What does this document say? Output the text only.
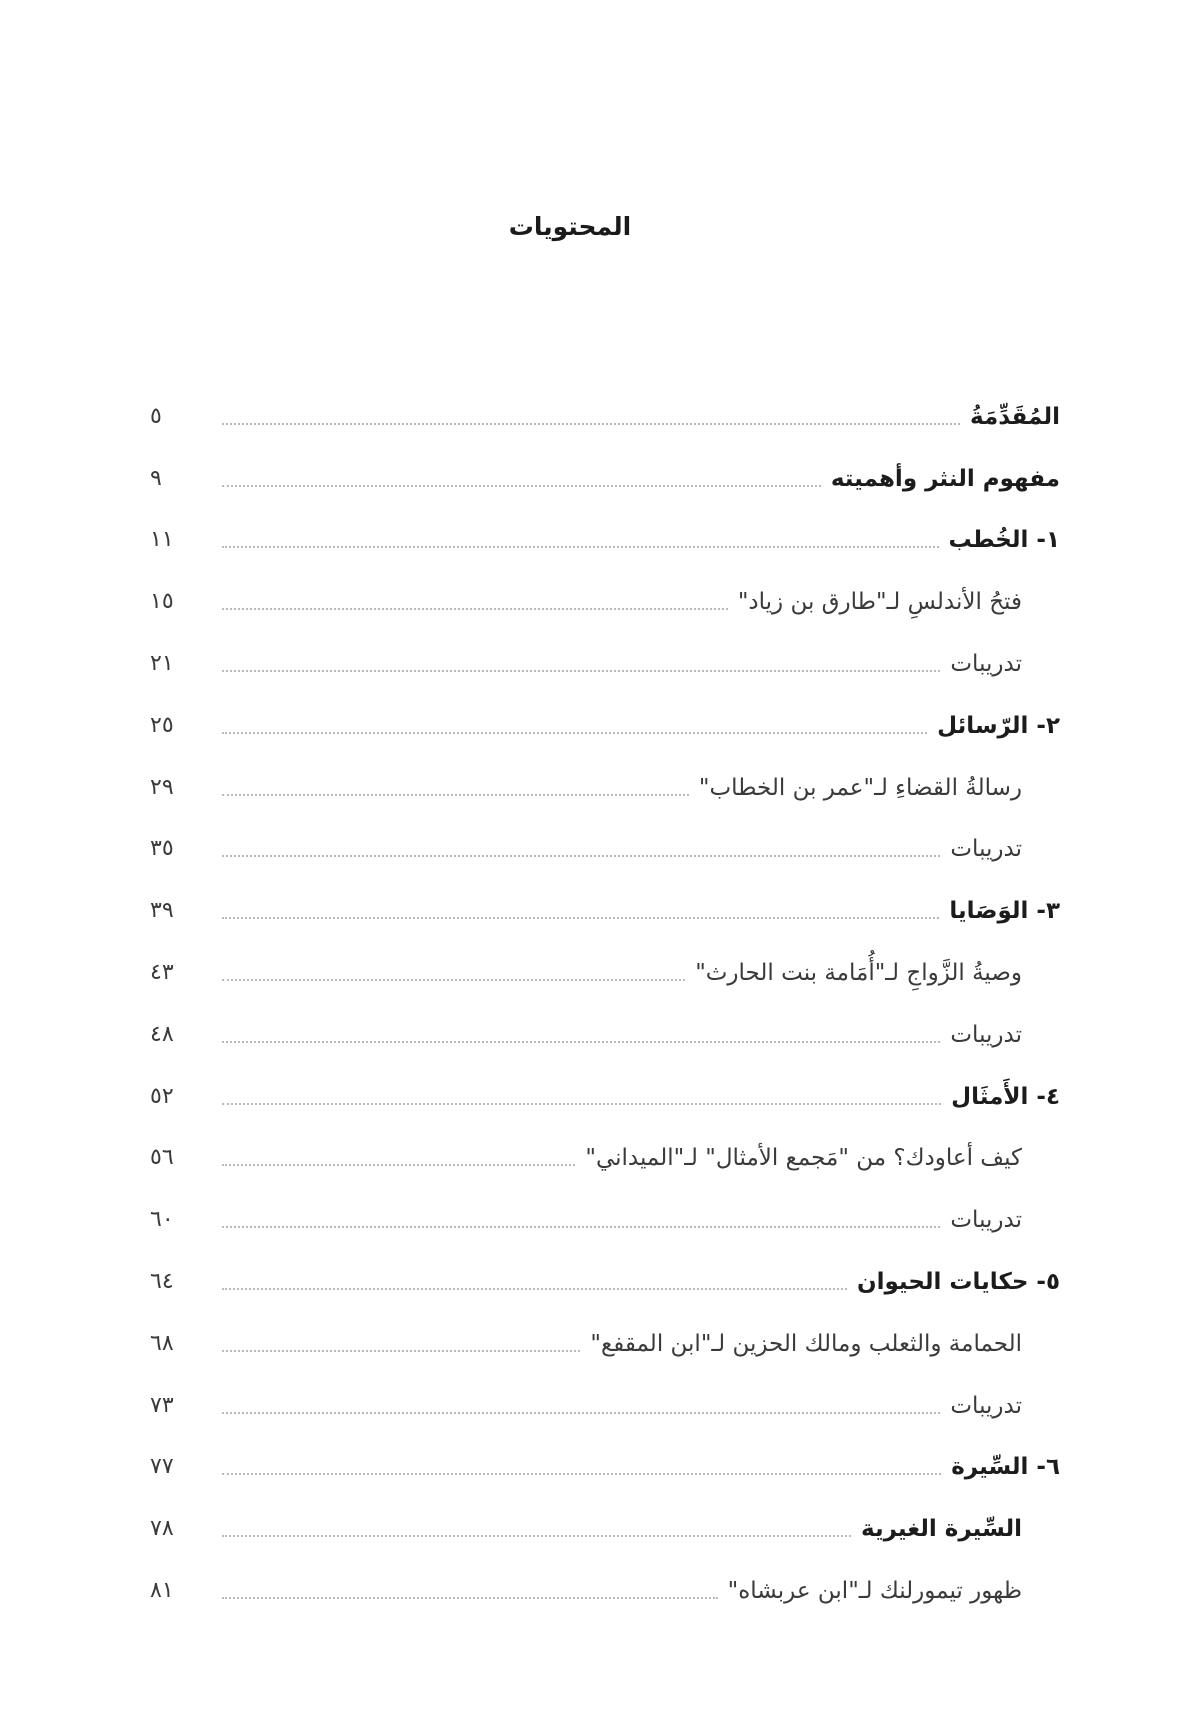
المحتويات
المُقَدِّمَةُ
٥
مفهوم النثر وأهميته
٩
١- الخُطب
١١
فتحُ الأندلسِ لـ"طارق بن زياد"
١٥
تدريبات
٢١
٢- الرّسائل
٢٥
رسالةُ القضاءِ لـ"عمر بن الخطاب"
٢٩
تدريبات
٣٥
٣- الوَصَايا
٣٩
وصيةُ الزَّواجِ لـ"أُمَامة بنت الحارث"
٤٣
تدريبات
٤٨
٤- الأَمثَال
٥٢
كيف أعاودك؟ من "مَجمع الأمثال" لـ"الميداني"
٥٦
تدريبات
٦٠
٥- حكايات الحيوان
٦٤
الحمامة والثعلب ومالك الحزين لـ"ابن المقفع"
٦٨
تدريبات
٧٣
٦- السِّيرة
٧٧
السِّيرة الغيرية
٧٨
ظهور تيمورلنك لـ"ابن عربشاه"
٨١
